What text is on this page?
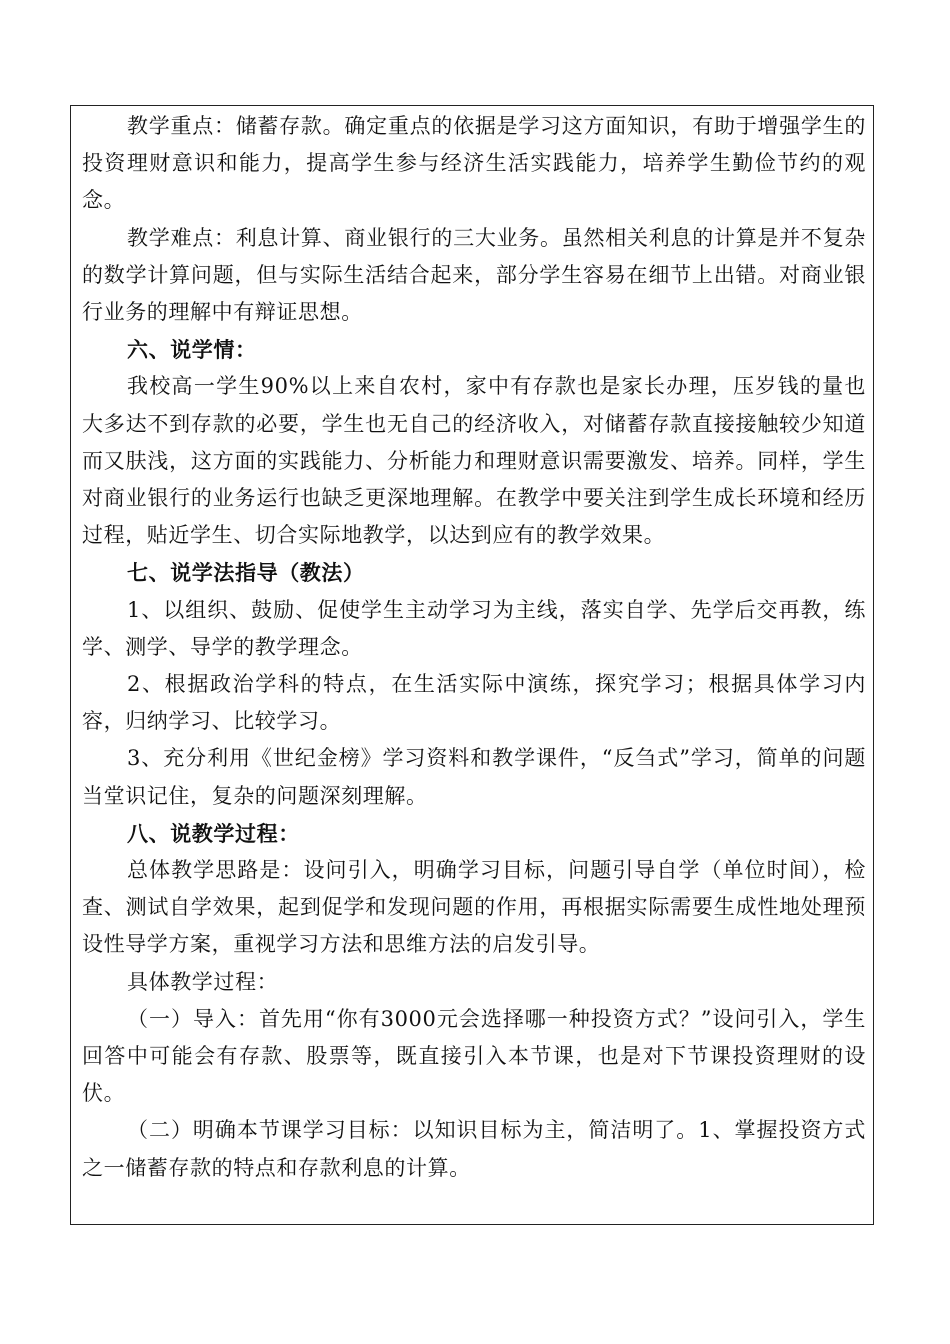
教学重点：储蓄存款。确定重点的依据是学习这方面知识，有助于增强学生的投资理财意识和能力，提高学生参与经济生活实践能力，培养学生勤俭节约的观念。

教学难点：利息计算、商业银行的三大业务。虽然相关利息的计算是并不复杂的数学计算问题，但与实际生活结合起来，部分学生容易在细节上出错。对商业银行业务的理解中有辩证思想。

六、说学情：

我校高一学生90%以上来自农村，家中有存款也是家长办理，压岁钱的量也大多达不到存款的必要，学生也无自己的经济收入，对储蓄存款直接接触较少知道而又肤浅，这方面的实践能力、分析能力和理财意识需要激发、培养。同样，学生对商业银行的业务运行也缺乏更深地理解。在教学中要关注到学生成长环境和经历过程，贴近学生、切合实际地教学，以达到应有的教学效果。

七、说学法指导（教法）

1、以组织、鼓励、促使学生主动学习为主线，落实自学、先学后交再教，练学、测学、导学的教学理念。

2、根据政治学科的特点，在生活实际中演练，探究学习；根据具体学习内容，归纳学习、比较学习。

3、充分利用《世纪金榜》学习资料和教学课件，“反刍式”学习，简单的问题当堂识记住，复杂的问题深刻理解。

八、说教学过程：

总体教学思路是：设问引入，明确学习目标，问题引导自学（单位时间），检查、测试自学效果，起到促学和发现问题的作用，再根据实际需要生成性地处理预设性导学方案，重视学习方法和思维方法的启发引导。

具体教学过程：

（一）导入：首先用“你有3000元会选择哪一种投资方式？”设问引入，学生回答中可能会有存款、股票等，既直接引入本节课，也是对下节课投资理财的设伏。

（二）明确本节课学习目标：以知识目标为主，简洁明了。1、掌握投资方式之一储蓄存款的特点和存款利息的计算。
